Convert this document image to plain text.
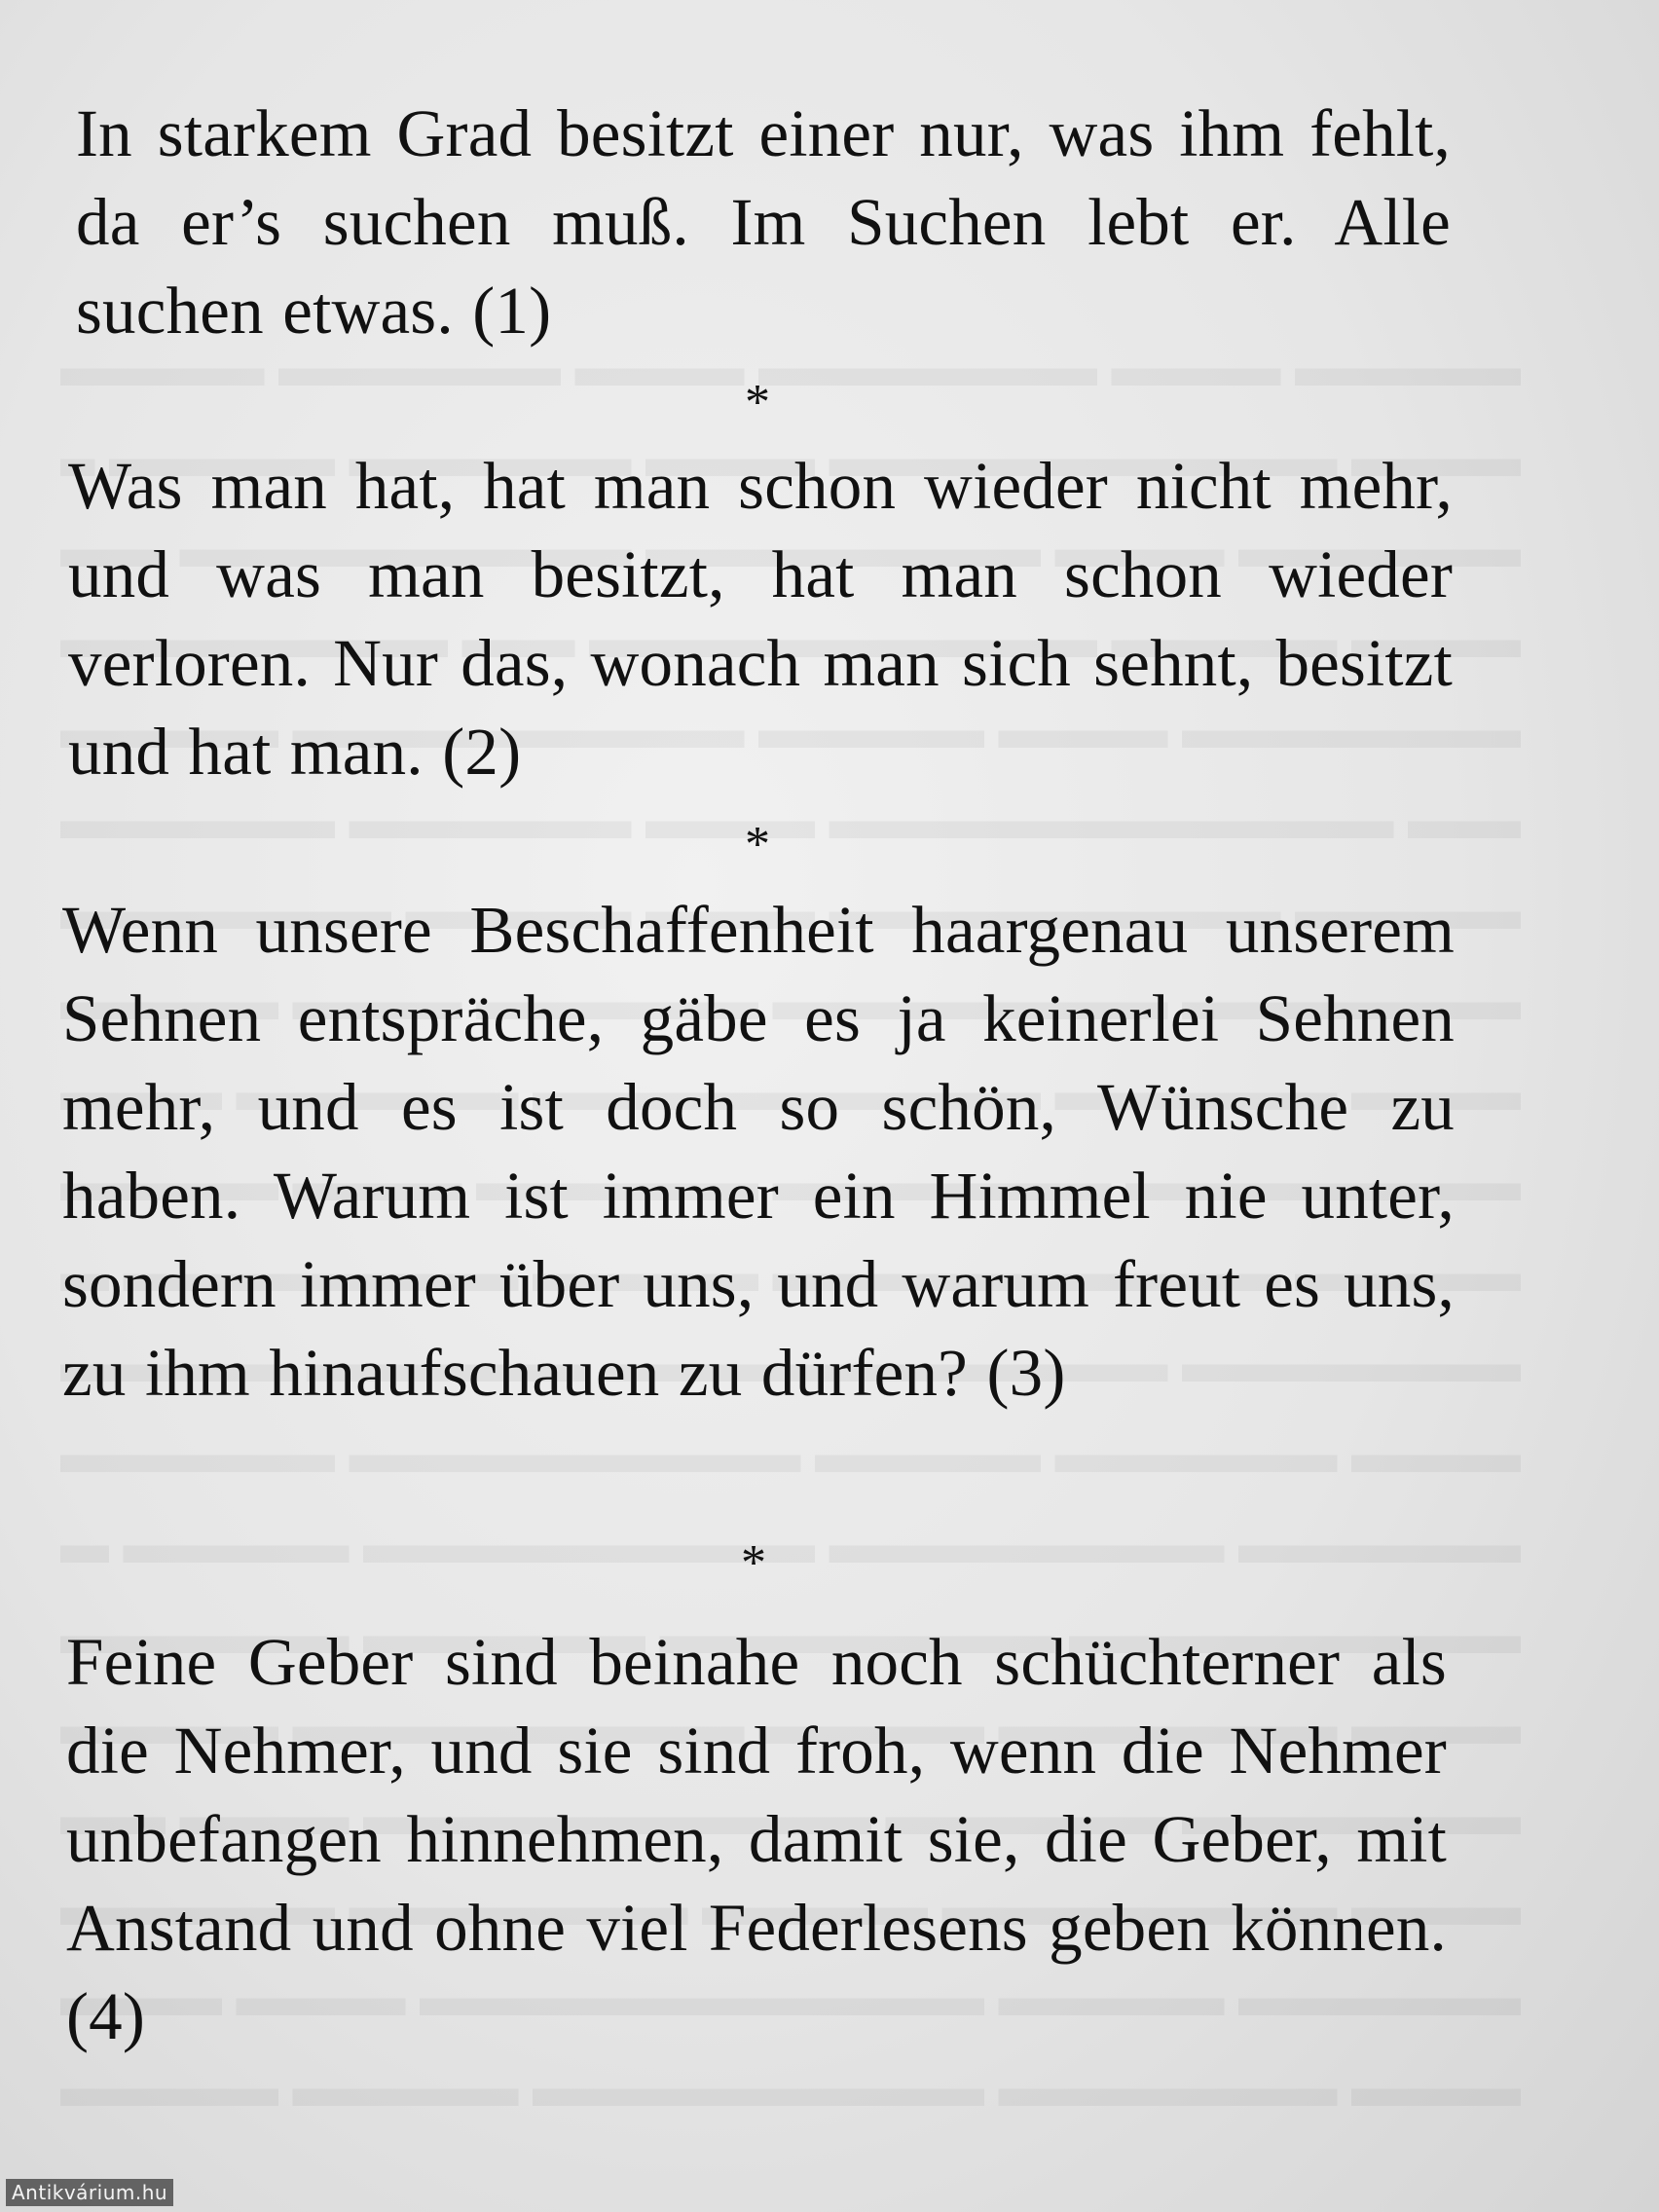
In starkem Grad besitzt einer nur, was ihm fehlt, da er’s suchen muß. Im Suchen lebt er. Alle suchen etwas. (1)

*

Was man hat, hat man schon wieder nicht mehr, und was man besitzt, hat man schon wieder verloren. Nur das, wonach man sich sehnt, besitzt und hat man. (2)

*

Wenn unsere Beschaffenheit haargenau unserem Sehnen entspräche, gäbe es ja keinerlei Sehnen mehr, und es ist doch so schön, Wünsche zu haben. Warum ist immer ein Himmel nie unter, sondern immer über uns, und warum freut es uns, zu ihm hinaufschauen zu dürfen? (3)

*

Feine Geber sind beinahe noch schüchterner als die Nehmer, und sie sind froh, wenn die Nehmer unbefangen hinnehmen, damit sie, die Geber, mit Anstand und ohne viel Federlesens geben können. (4)

Antikvárium.hu
